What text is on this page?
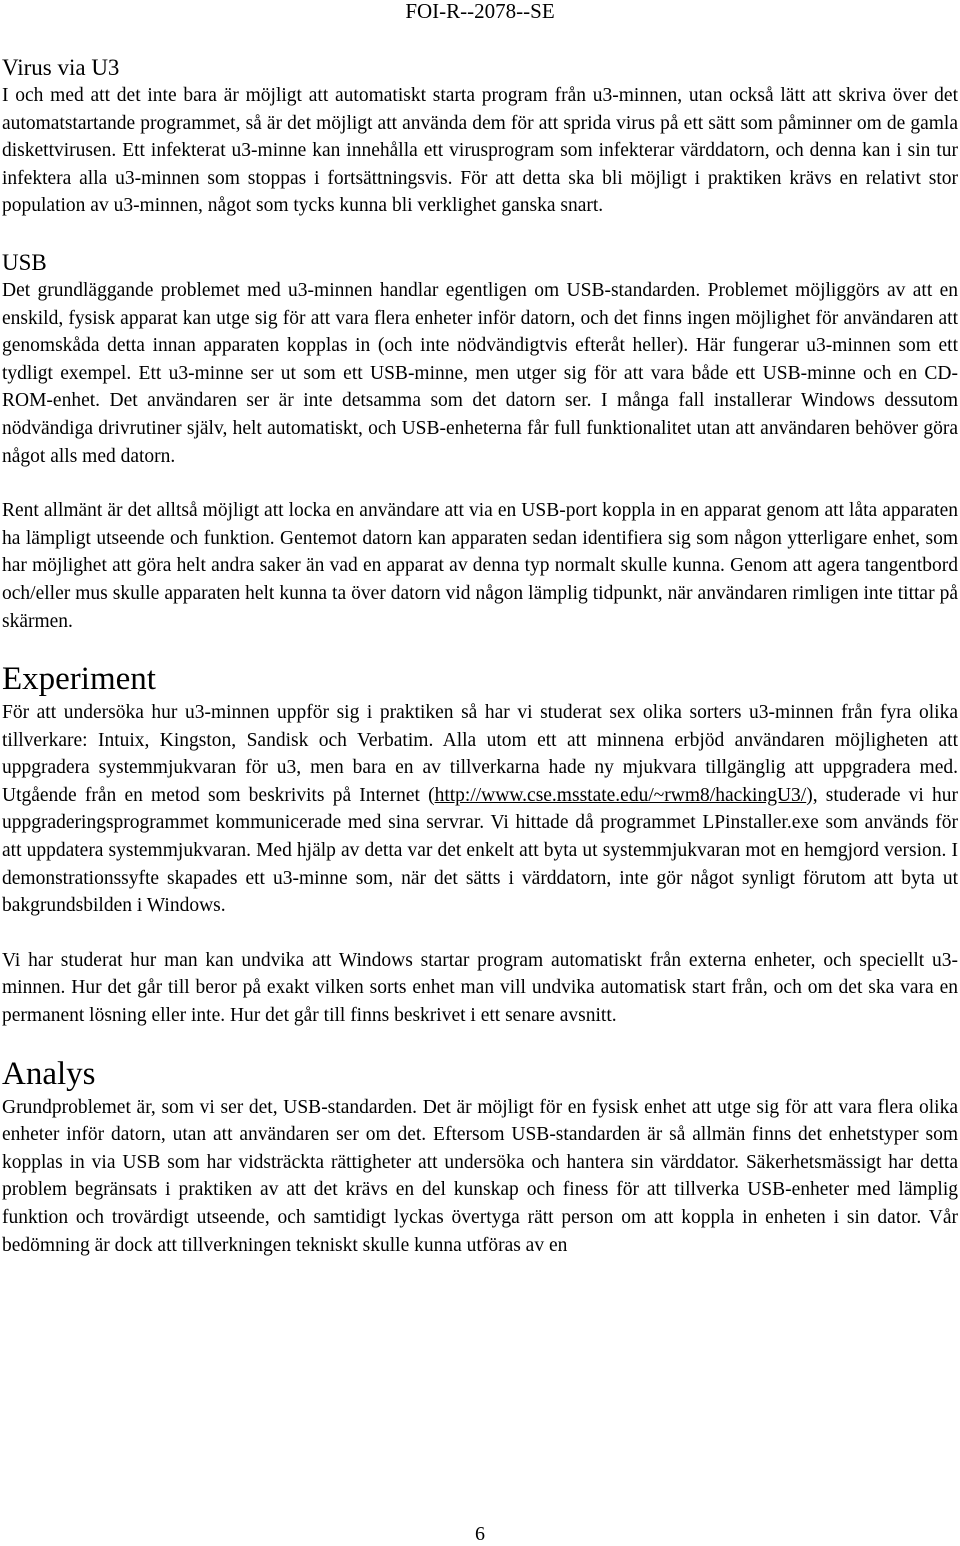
FOI-R--2078--SE
Virus via U3

I och med att det inte bara är möjligt att automatiskt starta program från u3-minnen, utan också lätt att skriva över det automatstartande programmet, så är det möjligt att använda dem för att sprida virus på ett sätt som påminner om de gamla diskettvirusen. Ett infekterat u3-minne kan innehålla ett virusprogram som infekterar värddatorn, och denna kan i sin tur infektera alla u3-minnen som stoppas i fortsättningsvis. För att detta ska bli möjligt i praktiken krävs en relativt stor population av u3-minnen, något som tycks kunna bli verklighet ganska snart.

USB

Det grundläggande problemet med u3-minnen handlar egentligen om USB-standarden. Problemet möjliggörs av att en enskild, fysisk apparat kan utge sig för att vara flera enheter inför datorn, och det finns ingen möjlighet för användaren att genomskåda detta innan apparaten kopplas in (och inte nödvändigtvis efteråt heller). Här fungerar u3-minnen som ett tydligt exempel. Ett u3-minne ser ut som ett USB-minne, men utger sig för att vara både ett USB-minne och en CD-ROM-enhet. Det användaren ser är inte detsamma som det datorn ser. I många fall installerar Windows dessutom nödvändiga drivrutiner själv, helt automatiskt, och USB-enheterna får full funktionalitet utan att användaren behöver göra något alls med datorn.

Rent allmänt är det alltså möjligt att locka en användare att via en USB-port koppla in en apparat genom att låta apparaten ha lämpligt utseende och funktion. Gentemot datorn kan apparaten sedan identifiera sig som någon ytterligare enhet, som har möjlighet att göra helt andra saker än vad en apparat av denna typ normalt skulle kunna. Genom att agera tangentbord och/eller mus skulle apparaten helt kunna ta över datorn vid någon lämplig tidpunkt, när användaren rimligen inte tittar på skärmen.

Experiment

För att undersöka hur u3-minnen uppför sig i praktiken så har vi studerat sex olika sorters u3-minnen från fyra olika tillverkare: Intuix, Kingston, Sandisk och Verbatim. Alla utom ett att minnena erbjöd användaren möjligheten att uppgradera systemmjukvaran för u3, men bara en av tillverkarna hade ny mjukvara tillgänglig att uppgradera med. Utgående från en metod som beskrivits på Internet (http://www.cse.msstate.edu/~rwm8/hackingU3/), studerade vi hur uppgraderingsprogrammet kommunicerade med sina servrar. Vi hittade då programmet LPinstaller.exe som används för att uppdatera systemmjukvaran. Med hjälp av detta var det enkelt att byta ut systemmjukvaran mot en hemgjord version. I demonstrationssyfte skapades ett u3-minne som, när det sätts i värddatorn, inte gör något synligt förutom att byta ut bakgrundsbilden i Windows.

Vi har studerat hur man kan undvika att Windows startar program automatiskt från externa enheter, och speciellt u3-minnen. Hur det går till beror på exakt vilken sorts enhet man vill undvika automatisk start från, och om det ska vara en permanent lösning eller inte. Hur det går till finns beskrivet i ett senare avsnitt.

Analys

Grundproblemet är, som vi ser det, USB-standarden. Det är möjligt för en fysisk enhet att utge sig för att vara flera olika enheter inför datorn, utan att användaren ser om det. Eftersom USB-standarden är så allmän finns det enhetstyper som kopplas in via USB som har vidsträckta rättigheter att undersöka och hantera sin värddator. Säkerhetsmässigt har detta problem begränsats i praktiken av att det krävs en del kunskap och finess för att tillverka USB-enheter med lämplig funktion och trovärdigt utseende, och samtidigt lyckas övertyga rätt person om att koppla in enheten i sin dator. Vår bedömning är dock att tillverkningen tekniskt skulle kunna utföras av en

6
